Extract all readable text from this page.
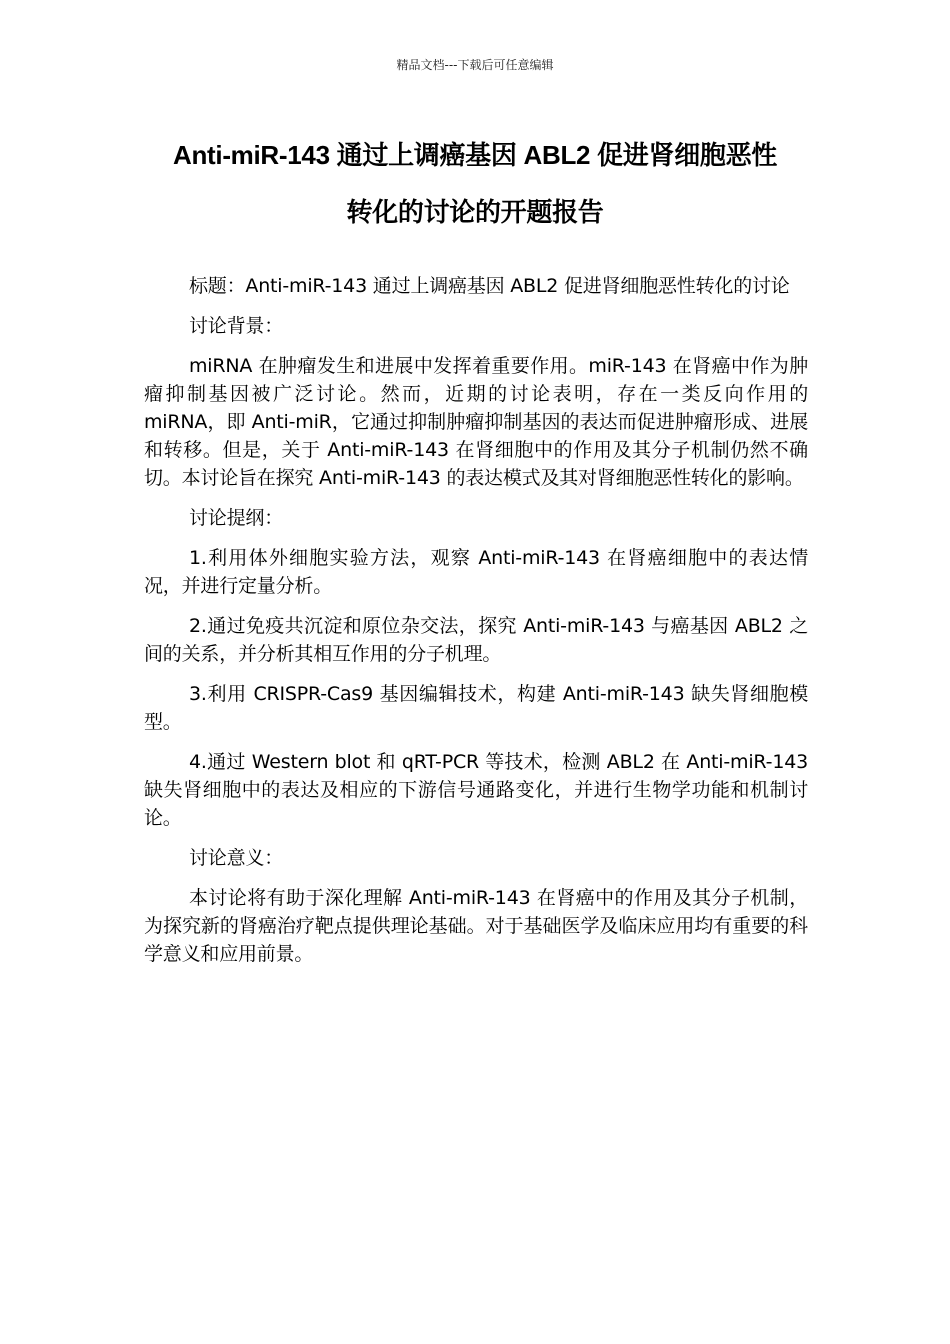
精品文档---下载后可任意编辑
Anti-miR-143 通过上调癌基因 ABL2 促进肾细胞恶性
转化的讨论的开题报告

标题：Anti-miR-143 通过上调癌基因 ABL2 促进肾细胞恶性转化的讨论

讨论背景：

miRNA 在肿瘤发生和进展中发挥着重要作用。miR-143 在肾癌中作为肿瘤抑制基因被广泛讨论。然而，近期的讨论表明，存在一类反向作用的 miRNA，即 Anti-miR，它通过抑制肿瘤抑制基因的表达而促进肿瘤形成、进展和转移。但是，关于 Anti-miR-143 在肾细胞中的作用及其分子机制仍然不确切。本讨论旨在探究 Anti-miR-143 的表达模式及其对肾细胞恶性转化的影响。

讨论提纲：

1.利用体外细胞实验方法，观察 Anti-miR-143 在肾癌细胞中的表达情况，并进行定量分析。

2.通过免疫共沉淀和原位杂交法，探究 Anti-miR-143 与癌基因 ABL2 之间的关系，并分析其相互作用的分子机理。

3.利用 CRISPR-Cas9 基因编辑技术，构建 Anti-miR-143 缺失肾细胞模型。

4.通过 Western blot 和 qRT-PCR 等技术，检测 ABL2 在 Anti-miR-143 缺失肾细胞中的表达及相应的下游信号通路变化，并进行生物学功能和机制讨论。

讨论意义：

本讨论将有助于深化理解 Anti-miR-143 在肾癌中的作用及其分子机制，为探究新的肾癌治疗靶点提供理论基础。对于基础医学及临床应用均有重要的科学意义和应用前景。
